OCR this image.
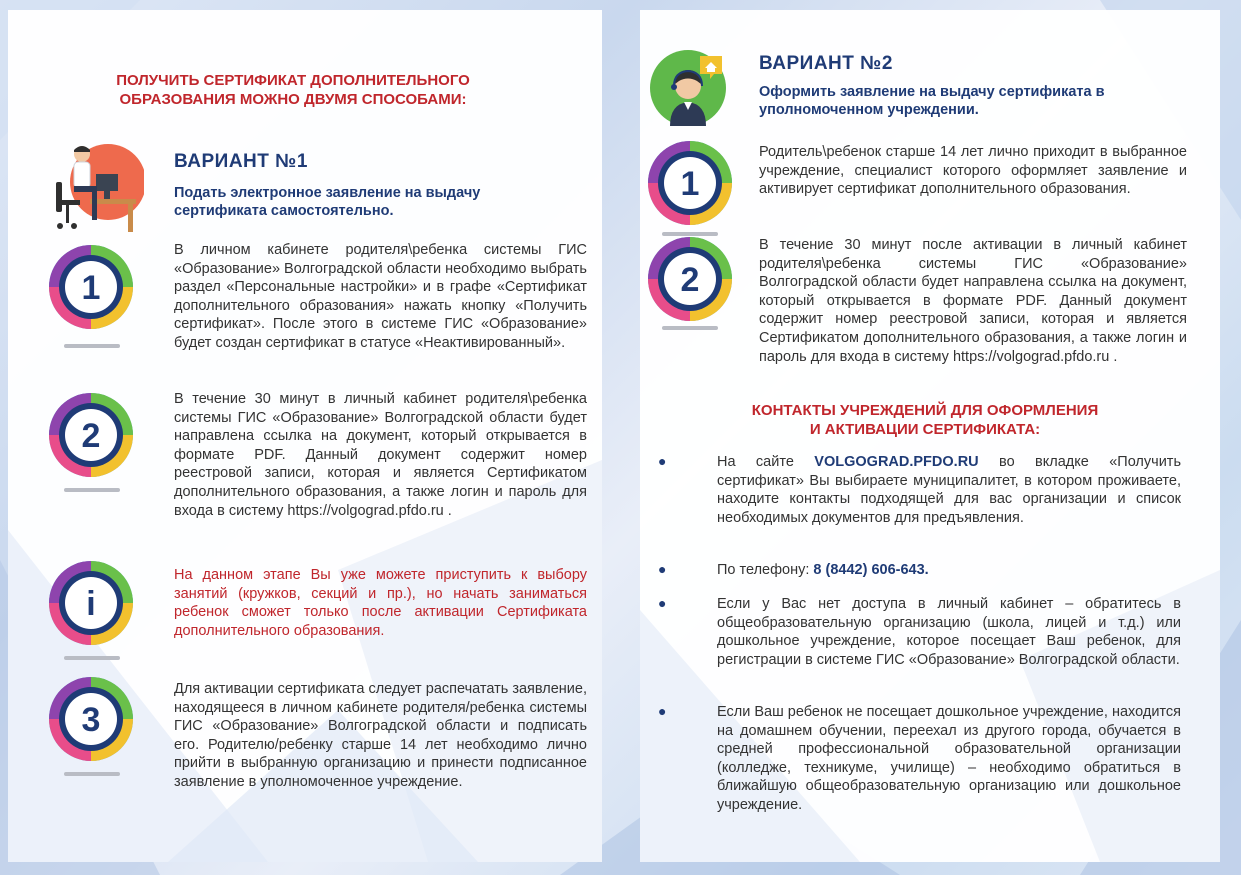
ПОЛУЧИТЬ СЕРТИФИКАТ ДОПОЛНИТЕЛЬНОГО
ОБРАЗОВАНИЯ МОЖНО ДВУМЯ СПОСОБАМИ:
ВАРИАНТ №1
Подать электронное заявление на выдачу сертификата самостоятельно.
1
В личном кабинете родителя\ребенка системы ГИС «Образование» Волгоградской области необходимо выбрать раздел «Персональные настройки» и в графе «Сертификат дополнительного образования» нажать кнопку «Получить сертификат». После этого в системе ГИС «Образование» будет создан сертификат в статусе «Неактивированный».
2
В течение 30 минут в личный кабинет родителя\ребенка системы ГИС «Образование» Волгоградской области будет направлена ссылка на документ, который открывается в формате PDF. Данный документ содержит номер реестровой записи, которая и является Сертификатом дополнительного образования, а также логин и пароль для входа в систему https://volgograd.pfdo.ru .
i
На данном этапе Вы уже можете приступить к выбору занятий (кружков, секций и пр.), но начать заниматься ребенок сможет только после активации Сертификата дополнительного образования.
3
Для активации сертификата следует распечатать заявление, находящееся в личном кабинете родителя/ребенка системы ГИС «Образование» Волгоградской области и подписать его. Родителю/ребенку старше 14 лет необходимо лично прийти в выбранную организацию и принести подписанное заявление в уполномоченное учреждение.
ВАРИАНТ №2
Оформить заявление на выдачу сертификата в уполномоченном учреждении.
1
Родитель\ребенок старше 14 лет лично приходит в выбранное учреждение, специалист которого оформляет заявление и активирует сертификат дополнительного образования.
2
В течение 30 минут после активации в личный кабинет родителя\ребенка системы ГИС «Образование» Волгоградской области будет направлена ссылка на документ, который открывается в формате PDF. Данный документ содержит номер реестровой записи, которая и является Сертификатом дополнительного образования, а также логин и пароль для входа в систему https://volgograd.pfdo.ru .
КОНТАКТЫ УЧРЕЖДЕНИЙ ДЛЯ ОФОРМЛЕНИЯ
И АКТИВАЦИИ СЕРТИФИКАТА:
●	На сайте VOLGOGRAD.PFDO.RU во вкладке «Получить сертификат» Вы выбираете муниципалитет, в котором проживаете, находите контакты подходящей для вас организации и список необходимых документов для предъявления.
●	По телефону: 8 (8442) 606-643.
●	Если у Вас нет доступа в личный кабинет – обратитесь в общеобразовательную организацию (школа, лицей и т.д.) или дошкольное учреждение, которое посещает Ваш ребенок, для регистрации в системе ГИС «Образование» Волгоградской области.
●	Если Ваш ребенок не посещает дошкольное учреждение, находится на домашнем обучении, переехал из другого города, обучается в средней профессиональной образовательной организации (колледже, техникуме, училище) – необходимо обратиться в ближайшую общеобразовательную организацию или дошкольное учреждение.
